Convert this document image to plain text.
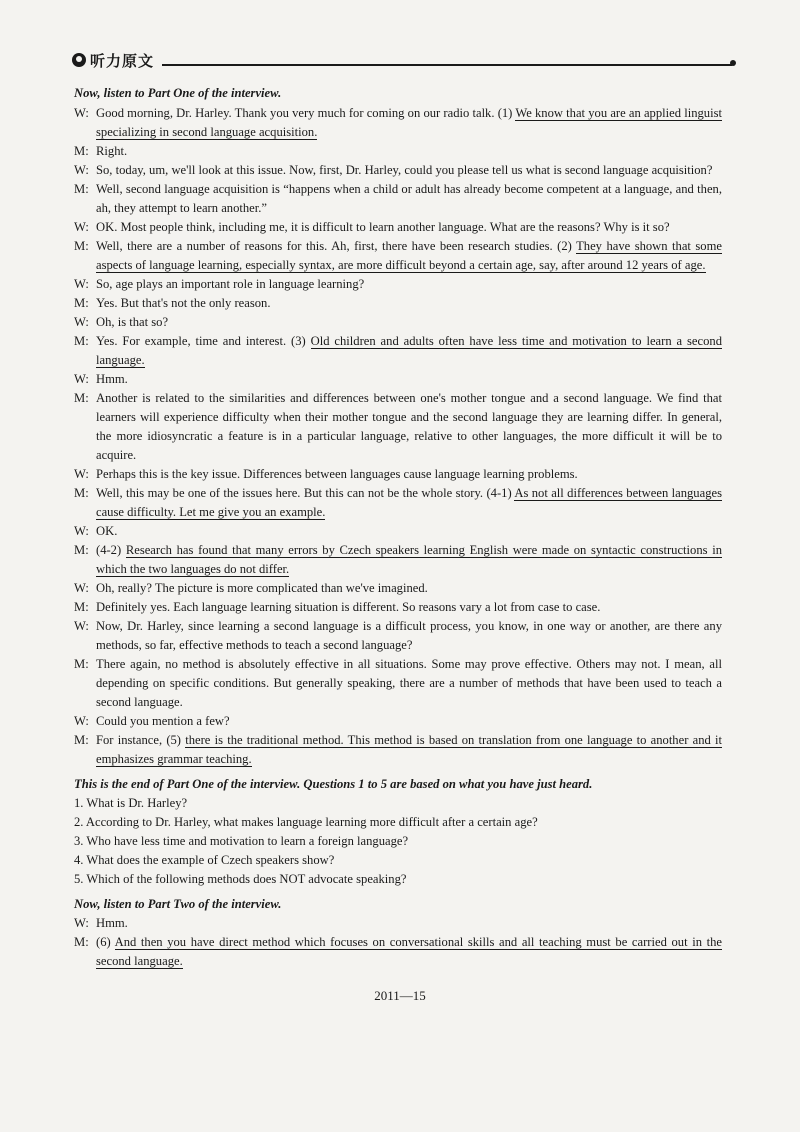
听力原文
Now, listen to Part One of the interview.
W: Good morning, Dr. Harley. Thank you very much for coming on our radio talk. (1) We know that you are an applied linguist specializing in second language acquisition.
M: Right.
W: So, today, um, we'll look at this issue. Now, first, Dr. Harley, could you please tell us what is second language acquisition?
M: Well, second language acquisition is “happens when a child or adult has already become competent at a language, and then, ah, they attempt to learn another.”
W: OK. Most people think, including me, it is difficult to learn another language. What are the reasons? Why is it so?
M: Well, there are a number of reasons for this. Ah, first, there have been research studies. (2) They have shown that some aspects of language learning, especially syntax, are more difficult beyond a certain age, say, after around 12 years of age.
W: So, age plays an important role in language learning?
M: Yes. But that's not the only reason.
W: Oh, is that so?
M: Yes. For example, time and interest. (3) Old children and adults often have less time and motivation to learn a second language.
W: Hmm.
M: Another is related to the similarities and differences between one's mother tongue and a second language. We find that learners will experience difficulty when their mother tongue and the second language they are learning differ. In general, the more idiosyncratic a feature is in a particular language, relative to other languages, the more difficult it will be to acquire.
W: Perhaps this is the key issue. Differences between languages cause language learning problems.
M: Well, this may be one of the issues here. But this can not be the whole story. (4-1) As not all differences between languages cause difficulty. Let me give you an example.
W: OK.
M: (4-2) Research has found that many errors by Czech speakers learning English were made on syntactic constructions in which the two languages do not differ.
W: Oh, really? The picture is more complicated than we've imagined.
M: Definitely yes. Each language learning situation is different. So reasons vary a lot from case to case.
W: Now, Dr. Harley, since learning a second language is a difficult process, you know, in one way or another, are there any methods, so far, effective methods to teach a second language?
M: There again, no method is absolutely effective in all situations. Some may prove effective. Others may not. I mean, all depending on specific conditions. But generally speaking, there are a number of methods that have been used to teach a second language.
W: Could you mention a few?
M: For instance, (5) there is the traditional method. This method is based on translation from one language to another and it emphasizes grammar teaching.
This is the end of Part One of the interview. Questions 1 to 5 are based on what you have just heard.
1. What is Dr. Harley?
2. According to Dr. Harley, what makes language learning more difficult after a certain age?
3. Who have less time and motivation to learn a foreign language?
4. What does the example of Czech speakers show?
5. Which of the following methods does NOT advocate speaking?
Now, listen to Part Two of the interview.
W: Hmm.
M: (6) And then you have direct method which focuses on conversational skills and all teaching must be carried out in the second language.
2011—15
